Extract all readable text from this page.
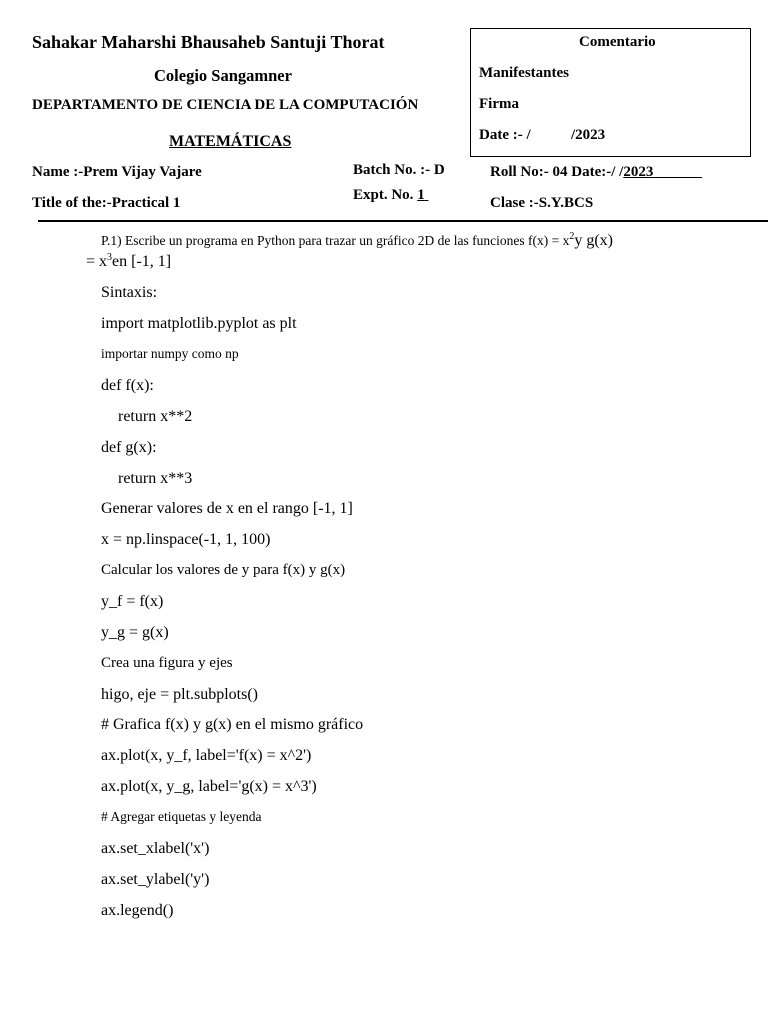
Sahakar Maharshi Bhausaheb Santuji Thorat
Colegio Sangamner
DEPARTAMENTO DE CIENCIA DE LA COMPUTACIÓN
MATEMÁTICAS
Comentario
Manifestantes
Firma
Date :- /	/2023
Name :-Prem Vijay Vajare
Title of the:-Practical 1
Batch No. :- D
Expt. No. 1
Roll No:- 04 Date:-/ /2023
Clase :-S.Y.BCS
P.1) Escribe un programa en Python para trazar un gráfico 2D de las funciones $f(x) = x^2y$ g(x)
= $x^3en$ [-1, 1]
Sintaxis:
import matplotlib.pyplot as plt
importar numpy como np
def f(x):
return x**2
def g(x):
return x**3
Generar valores de x en el rango [-1, 1]
x = np.linspace(-1, 1, 100)
Calcular los valores de y para f(x) y g(x)
y_f = f(x)
y_g = g(x)
Crea una figura y ejes
higo, eje = plt.subplots()
# Grafica f(x) y g(x) en el mismo gráfico
ax.plot(x, y_f, label='f(x) = x^2')
ax.plot(x, y_g, label='g(x) = x^3')
# Agregar etiquetas y leyenda
ax.set_xlabel('x')
ax.set_ylabel('y')
ax.legend()
